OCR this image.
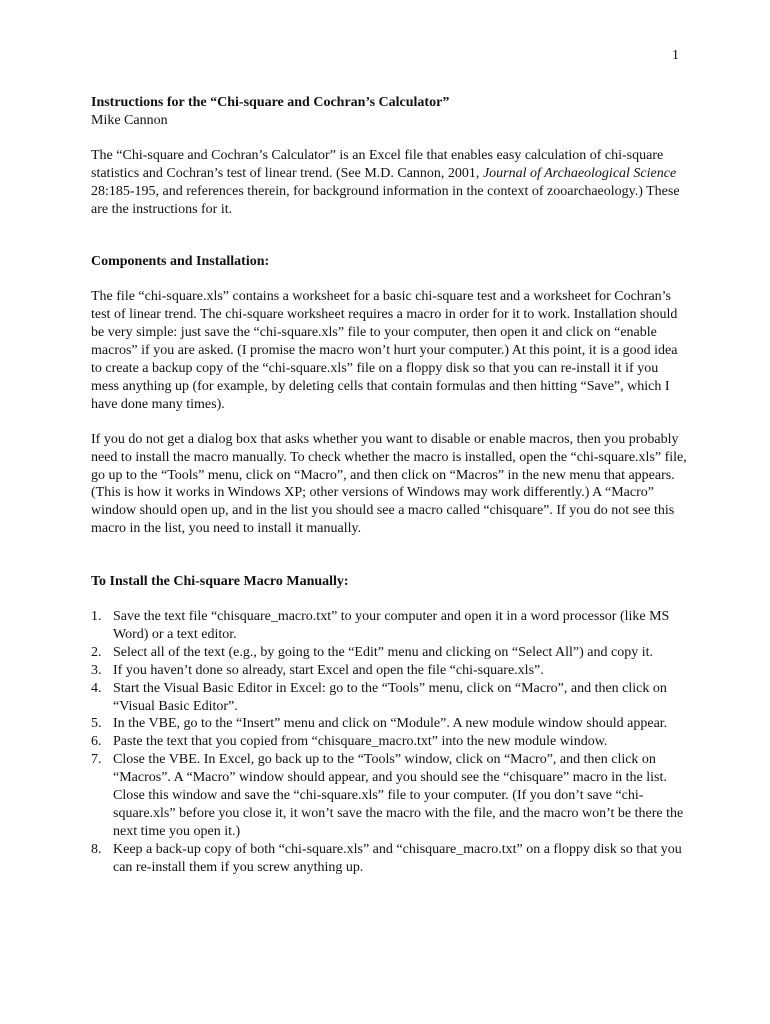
1

Instructions for the “Chi-square and Cochran’s Calculator”

Mike Cannon

The “Chi-square and Cochran’s Calculator” is an Excel file that enables easy calculation of chi-square statistics and Cochran’s test of linear trend. (See M.D. Cannon, 2001, Journal of Archaeological Science 28:185-195, and references therein, for background information in the context of zooarchaeology.) These are the instructions for it.

Components and Installation:

The file “chi-square.xls” contains a worksheet for a basic chi-square test and a worksheet for Cochran’s test of linear trend. The chi-square worksheet requires a macro in order for it to work. Installation should be very simple: just save the “chi-square.xls” file to your computer, then open it and click on “enable macros” if you are asked. (I promise the macro won’t hurt your computer.) At this point, it is a good idea to create a backup copy of the “chi-square.xls” file on a floppy disk so that you can re-install it if you mess anything up (for example, by deleting cells that contain formulas and then hitting “Save”, which I have done many times).

If you do not get a dialog box that asks whether you want to disable or enable macros, then you probably need to install the macro manually. To check whether the macro is installed, open the “chi-square.xls” file, go up to the “Tools” menu, click on “Macro”, and then click on “Macros” in the new menu that appears. (This is how it works in Windows XP; other versions of Windows may work differently.) A “Macro” window should open up, and in the list you should see a macro called “chisquare”. If you do not see this macro in the list, you need to install it manually.

To Install the Chi-square Macro Manually:

1. Save the text file “chisquare_macro.txt” to your computer and open it in a word processor (like MS Word) or a text editor.
2. Select all of the text (e.g., by going to the “Edit” menu and clicking on “Select All”) and copy it.
3. If you haven’t done so already, start Excel and open the file “chi-square.xls”.
4. Start the Visual Basic Editor in Excel: go to the “Tools” menu, click on “Macro”, and then click on “Visual Basic Editor”.
5. In the VBE, go to the “Insert” menu and click on “Module”. A new module window should appear.
6. Paste the text that you copied from “chisquare_macro.txt” into the new module window.
7. Close the VBE. In Excel, go back up to the “Tools” window, click on “Macro”, and then click on “Macros”. A “Macro” window should appear, and you should see the “chisquare” macro in the list. Close this window and save the “chi-square.xls” file to your computer. (If you don’t save “chi-square.xls” before you close it, it won’t save the macro with the file, and the macro won’t be there the next time you open it.)
8. Keep a back-up copy of both “chi-square.xls” and “chisquare_macro.txt” on a floppy disk so that you can re-install them if you screw anything up.
